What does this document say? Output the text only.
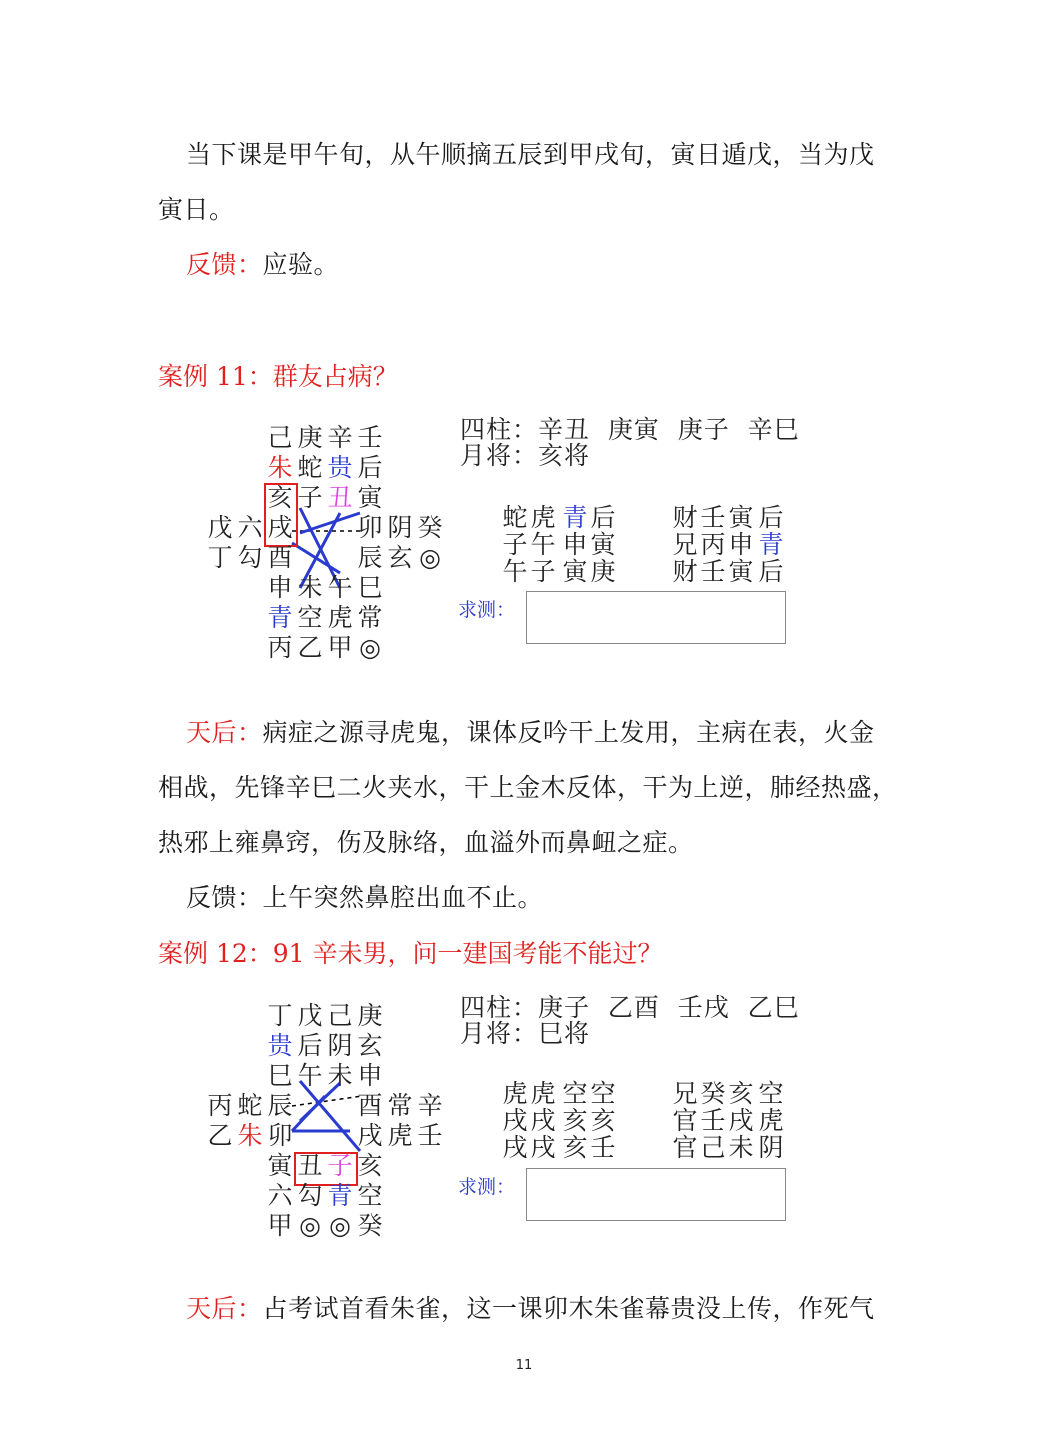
当下课是甲午旬，从午顺摘五辰到甲戌旬，寅日遁戊，当为戊寅日。

反馈：应验。

案例 11：群友占病？

己 庚 辛 壬
朱 蛇 贵 后
亥 子 丑 寅
戊 六 戌	卯 阴 癸
丁 勾 酉	辰 玄 ◎
申 未 午 巳
青 空 虎 常
丙 乙 甲 ◎
四柱：辛丑  庚寅  庚子  辛巳
月将：亥将
蛇 虎 青 后
子 午 申 寅
午 子 寅 庚
财 壬 寅 后
兄 丙 申 青
财 壬 寅 后
求测：

天后：病症之源寻虎鬼，课体反吟干上发用，主病在表，火金相战，先锋辛巳二火夹水，干上金木反体，干为上逆，肺经热盛，热邪上雍鼻窍，伤及脉络，血溢外而鼻衄之症。

反馈：上午突然鼻腔出血不止。

案例 12：91 辛未男，问一建国考能不能过？

丁 戊 己 庚
贵 后 阴 玄
巳 午 未 申
丙 蛇 辰	酉 常 辛
乙 朱 卯	戌 虎 壬
寅 丑 子 亥
六 勾 青 空
甲 ◎ ◎ 癸
四柱：庚子  乙酉  壬戌  乙巳
月将：巳将
虎 虎 空 空
戌 戌 亥 亥
戌 戌 亥 壬
兄 癸 亥 空
官 壬 戌 虎
官 己 未 阴
求测：

天后：占考试首看朱雀，这一课卯木朱雀幕贵没上传，作死气

11
